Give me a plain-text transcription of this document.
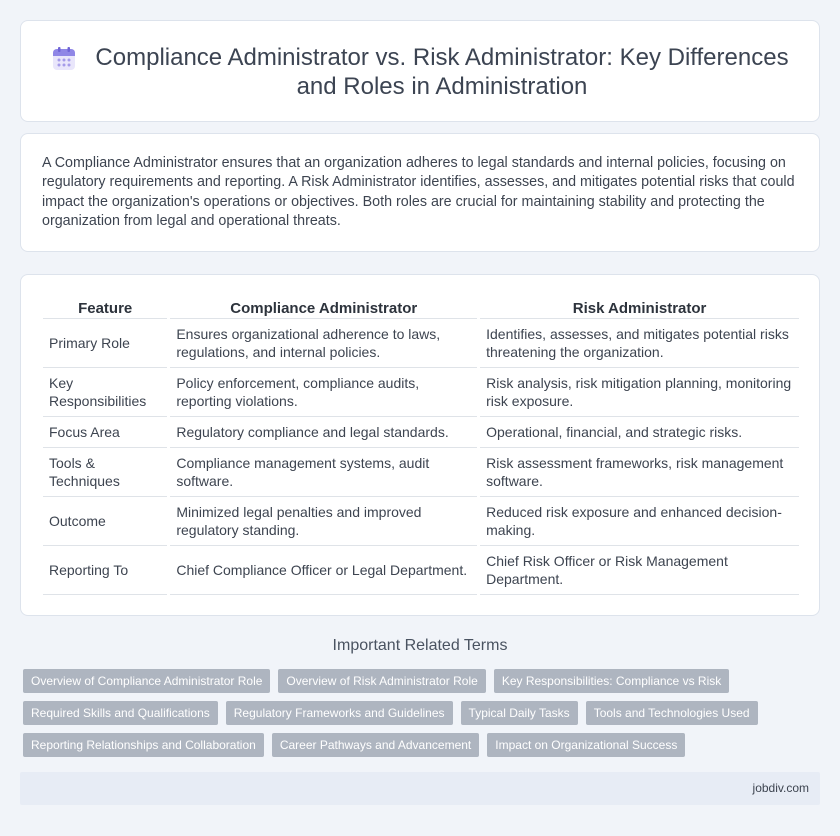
Compliance Administrator vs. Risk Administrator: Key Differences and Roles in Administration

A Compliance Administrator ensures that an organization adheres to legal standards and internal policies, focusing on regulatory requirements and reporting. A Risk Administrator identifies, assesses, and mitigates potential risks that could impact the organization's operations or objectives. Both roles are crucial for maintaining stability and protecting the organization from legal and operational threats.

Feature		Compliance Administrator		Risk Administrator
Primary Role		Ensures organizational adherence to laws, regulations, and internal policies.		Identifies, assesses, and mitigates potential risks threatening the organization.
Key Responsibilities		Policy enforcement, compliance audits, reporting violations.		Risk analysis, risk mitigation planning, monitoring risk exposure.
Focus Area		Regulatory compliance and legal standards.		Operational, financial, and strategic risks.
Tools & Techniques		Compliance management systems, audit software.		Risk assessment frameworks, risk management software.
Outcome		Minimized legal penalties and improved regulatory standing.		Reduced risk exposure and enhanced decision-making.
Reporting To		Chief Compliance Officer or Legal Department.		Chief Risk Officer or Risk Management Department.
Important Related Terms
Overview of Compliance Administrator Role	Overview of Risk Administrator Role	Key Responsibilities: Compliance vs Risk
Required Skills and Qualifications	Regulatory Frameworks and Guidelines	Typical Daily Tasks	Tools and Technologies Used
Reporting Relationships and Collaboration	Career Pathways and Advancement	Impact on Organizational Success
jobdiv.com
